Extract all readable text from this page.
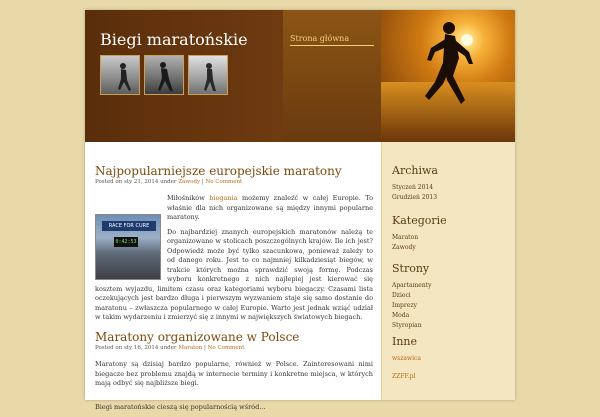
Biegi maratońskie	Strona główna
Najpopularniejsze europejskie maratony
Posted on sty 21, 2014 under Zawody | No Comment
RACE FOR CURE
0:42:53

Miłośników biegania możemy znaleźć w całej Europie. To właśnie dla nich organizowane są między innymi popularne maratony.

Do najbardziej znanych europejskich maratonów należą te organizowane w stolicach poszczególnych krajów. Ile ich jest? Odpowiedź może być tylko szacunkowa, ponieważ zależy to od danego roku. Jest to co najmniej kilkadziesiąt biegów, w trakcie których można sprawdzić swoją formę. Podczas wyboru konkretnego z nich najlepiej jest kierować się kosztem wyjazdu, limitem czasu oraz kategoriami wyboru biegaczy. Czasami lista oczekujących jest bardzo długa i pierwszym wyzwaniem staje się samo dostanie do maratonu – zwłaszcza popularnego w całej Europie. Warto jest jednak wziąć udział w takim wydarzeniu i zmierzyć się z innymi w największych światowych biegach.

Maratony organizowane w Polsce
Posted on sty 16, 2014 under Maraton | No Comment

Maratony są dzisiaj bardzo popularne, również w Polsce. Zainteresowani nimi biegacze bez problemu znajdą w internecie terminy i konkretne miejsca, w których mają odbyć się najbliższe biegi.

Biegi maratońskie cieszą się popularnością wśród...

Archiwa
Styczeń 2014
Grudzień 2013
Kategorie
Maraton
Zawody
Strony
Apartamenty
Dzieci
Imprezy
Moda
Styropian
Inne
wszawica
ZZFF.pl
